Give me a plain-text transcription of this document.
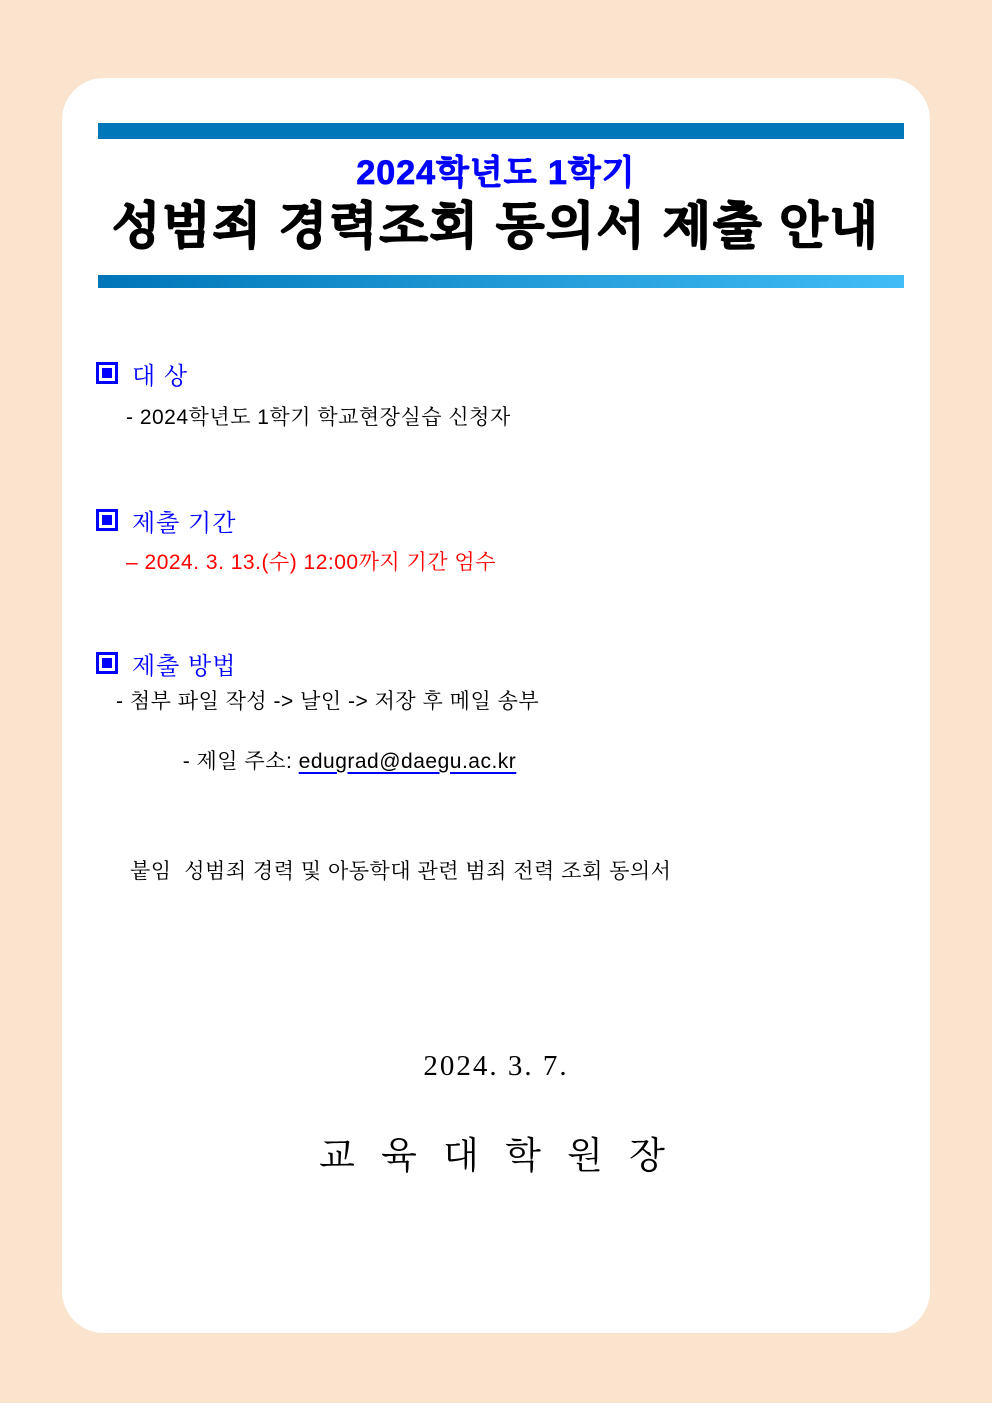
2024학년도 1학기
성범죄 경력조회 동의서 제출 안내
대 상
- 2024학년도 1학기 학교현장실습 신청자
제출 기간
– 2024. 3. 13.(수) 12:00까지 기간 엄수
제출 방법
- 첨부 파일 작성 -> 날인 -> 저장 후 메일 송부

- 제일 주소: edugrad@daegu.ac.kr

붙임  성범죄 경력 및 아동학대 관련 범죄 전력 조회 동의서
2024. 3. 7.
교 육 대 학 원 장
